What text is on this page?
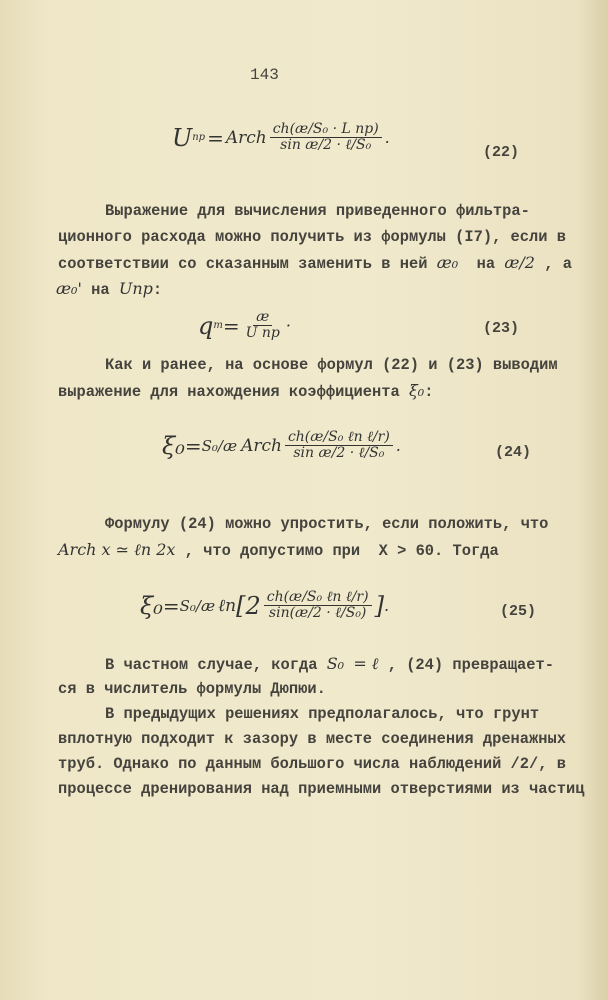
143
U пр = Arch $\frac{\text{ch(æ/S₀ · L пр)}}{\text{sin æ/2 · ℓ/S₀}}$ .
(22)
Выражение для вычисления приведенного фильтра-
ционного расхода можно получить из формулы (I7), если в
соответствии со сказанным заменить в ней æ₀ на æ/2 , а
æ₀' на Uпр:
q $т = \frac{æ}{\text{U пр}}$ ·	(23)
Как и ранее, на основе формул (22) и (23) выводим
выражение для нахождения коэффициента ξ₀:
ξ₀ = S₀/æ Arch $\frac{\text{ch(æ/S₀ ℓn ℓ/r)}}{\text{sin æ/2 · ℓ/S₀}}$ .	(24)
Формулу (24) можно упростить, если положить, что
Arch x ≃ ℓn 2x , что допустимо при  X > 60. Тогда
ξ₀ = S₀/æ ℓn [$2 \frac{\text{ch(æ/S₀ ℓn ℓ/r)}}{\text{sin(æ/2 · ℓ/S₀)}}$ ] .	(25)
В частном случае, когда S₀ = ℓ , (24) превращает-
ся в числитель формулы Дюпюи.
В предыдущих решениях предполагалось, что грунт
вплотную подходит к зазору в месте соединения дренажных
труб. Однако по данным большого числа наблюдений /2/, в
процессе дренирования над приемными отверстиями из частиц
